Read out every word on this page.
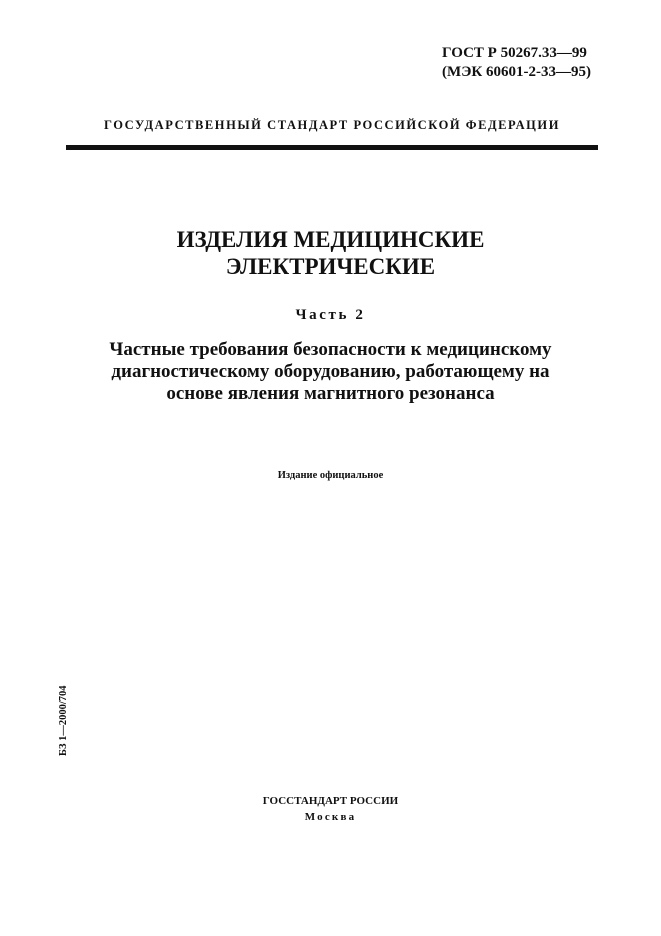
ГОСТ Р 50267.33—99
(МЭК 60601-2-33—95)
ГОСУДАРСТВЕННЫЙ СТАНДАРТ РОССИЙСКОЙ ФЕДЕРАЦИИ
ИЗДЕЛИЯ МЕДИЦИНСКИЕ
ЭЛЕКТРИЧЕСКИЕ
Часть 2
Частные требования безопасности к медицинскому
диагностическому оборудованию, работающему на
основе явления магнитного резонанса
Издание официальное
БЗ 1—2000/704
ГОССТАНДАРТ РОССИИ
Москва
